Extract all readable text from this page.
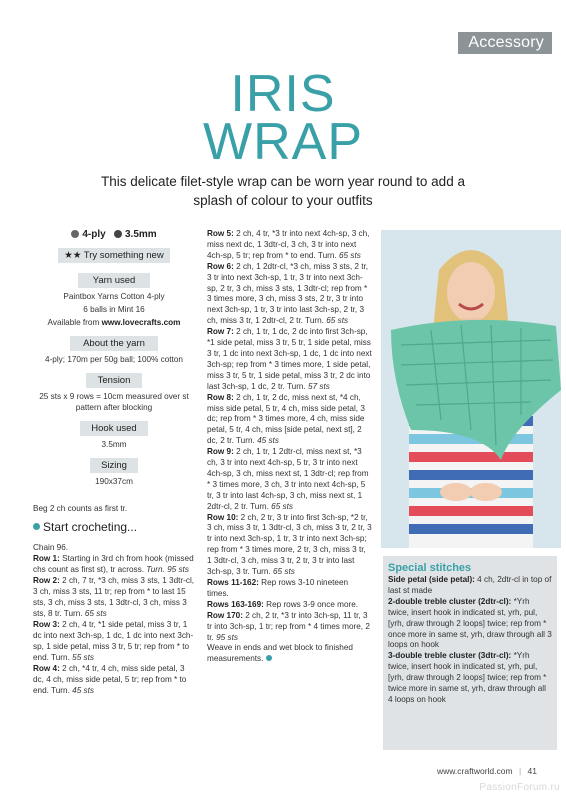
Accessory
IRIS
WRAP
This delicate filet-style wrap can be worn year round to add a splash of colour to your outfits
4-ply 3.5mm
★★ Try something new
Yarn used
Paintbox Yarns Cotton 4-ply
6 balls in Mint 16
Available from www.lovecrafts.com
About the yarn
4-ply; 170m per 50g ball; 100% cotton
Tension
25 sts x 9 rows = 10cm measured over st pattern after blocking
Hook used
3.5mm
Sizing
190x37cm
Beg 2 ch counts as first tr.
Start crocheting...

Chain 96.

Row 1: Starting in 3rd ch from hook (missed chs count as first st), tr across. Turn. 95 sts

Row 2: 2 ch, 7 tr, *3 ch, miss 3 sts, 1 3dtr-cl, 3 ch, miss 3 sts, 11 tr; rep from * to last 15 sts, 3 ch, miss 3 sts, 1 3dtr-cl, 3 ch, miss 3 sts, 8 tr. Turn. 65 sts

Row 3: 2 ch, 4 tr, *1 side petal, miss 3 tr, 1 dc into next 3ch-sp, 1 dc, 1 dc into next 3ch-sp, 1 side petal, miss 3 tr, 5 tr; rep from * to end. Turn. 55 sts

Row 4: 2 ch, *4 tr, 4 ch, miss side petal, 3 dc, 4 ch, miss side petal, 5 tr; rep from * to end. Turn. 45 sts

Row 5: 2 ch, 4 tr, *3 tr into next 4ch-sp, 3 ch, miss next dc, 1 3dtr-cl, 3 ch, 3 tr into next 4ch-sp, 5 tr; rep from * to end. Turn. 65 sts

Row 6: 2 ch, 1 2dtr-cl, *3 ch, miss 3 sts, 2 tr, 3 tr into next 3ch-sp, 1 tr, 3 tr into next 3ch-sp, 2 tr, 3 ch, miss 3 sts, 1 3dtr-cl; rep from * 3 times more, 3 ch, miss 3 sts, 2 tr, 3 tr into next 3ch-sp, 1 tr, 3 tr into last 3ch-sp, 2 tr, 3 ch, miss 3 tr, 1 2dtr-cl, 2 tr. Turn. 65 sts

Row 7: 2 ch, 1 tr, 1 dc, 2 dc into first 3ch-sp, *1 side petal, miss 3 tr, 5 tr, 1 side petal, miss 3 tr, 1 dc into next 3ch-sp, 1 dc, 1 dc into next 3ch-sp; rep from * 3 times more, 1 side petal, miss 3 tr, 5 tr, 1 side petal, miss 3 tr, 2 dc into last 3ch-sp, 1 dc, 2 tr. Turn. 57 sts

Row 8: 2 ch, 1 tr, 2 dc, miss next st, *4 ch, miss side petal, 5 tr, 4 ch, miss side petal, 3 dc; rep from * 3 times more, 4 ch, miss side petal, 5 tr, 4 ch, miss [side petal, next st], 2 dc, 2 tr. Turn. 45 sts

Row 9: 2 ch, 1 tr, 1 2dtr-cl, miss next st, *3 ch, 3 tr into next 4ch-sp, 5 tr, 3 tr into next 4ch-sp, 3 ch, miss next st, 1 3dtr-cl; rep from * 3 times more, 3 ch, 3 tr into next 4ch-sp, 5 tr, 3 tr into last 4ch-sp, 3 ch, miss next st, 1 2dtr-cl, 2 tr. Turn. 65 sts

Row 10: 2 ch, 2 tr, 3 tr into first 3ch-sp, *2 tr, 3 ch, miss 3 tr, 1 3dtr-cl, 3 ch, miss 3 tr, 2 tr, 3 tr into next 3ch-sp, 1 tr, 3 tr into next 3ch-sp; rep from * 3 times more, 2 tr, 3 ch, miss 3 tr, 1 3dtr-cl, 3 ch, miss 3 tr, 2 tr, 3 tr into last 3ch-sp, 3 tr. Turn. 65 sts

Rows 11-162: Rep rows 3-10 nineteen times.

Rows 163-169: Rep rows 3-9 once more.

Row 170: 2 ch, 2 tr, *3 tr into 3ch-sp, 11 tr, 3 tr into 3ch-sp, 1 tr; rep from * 4 times more, 2 tr. 95 sts

Weave in ends and wet block to finished measurements.

Special stitches

Side petal (side petal): 4 ch, 2dtr-cl in top of last st made

2-double treble cluster (2dtr-cl): *Yrh twice, insert hook in indicated st, yrh, pul, [yrh, draw through 2 loops] twice; rep from * once more in same st, yrh, draw through all 3 loops on hook

3-double treble cluster (3dtr-cl): *Yrh twice, insert hook in indicated st, yrh, pul, [yrh, draw through 2 loops] twice; rep from * twice more in same st, yrh, draw through all 4 loops on hook

www.craftworld.com | 41
PassionForum.ru
